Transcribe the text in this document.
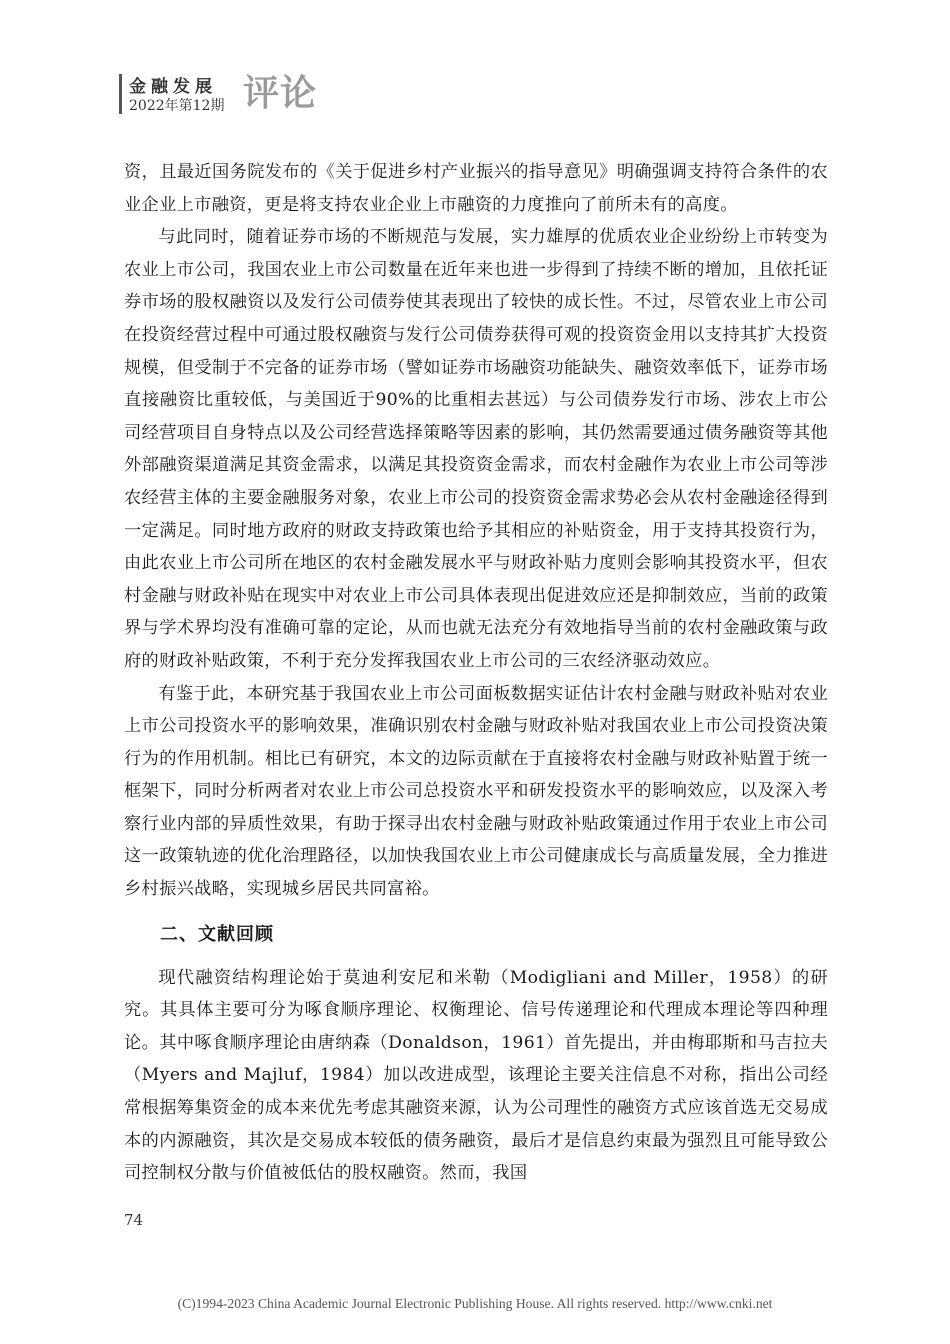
金融发展
2022年第12期 评论

资，且最近国务院发布的《关于促进乡村产业振兴的指导意见》明确强调支持符合条件的农业企业上市融资，更是将支持农业企业上市融资的力度推向了前所未有的高度。

与此同时，随着证券市场的不断规范与发展，实力雄厚的优质农业企业纷纷上市转变为农业上市公司，我国农业上市公司数量在近年来也进一步得到了持续不断的增加，且依托证券市场的股权融资以及发行公司债券使其表现出了较快的成长性。不过，尽管农业上市公司在投资经营过程中可通过股权融资与发行公司债券获得可观的投资资金用以支持其扩大投资规模，但受制于不完备的证券市场（譬如证券市场融资功能缺失、融资效率低下，证券市场直接融资比重较低，与美国近于90%的比重相去甚远）与公司债券发行市场、涉农上市公司经营项目自身特点以及公司经营选择策略等因素的影响，其仍然需要通过债务融资等其他外部融资渠道满足其资金需求，以满足其投资资金需求，而农村金融作为农业上市公司等涉农经营主体的主要金融服务对象，农业上市公司的投资资金需求势必会从农村金融途径得到一定满足。同时地方政府的财政支持政策也给予其相应的补贴资金，用于支持其投资行为，由此农业上市公司所在地区的农村金融发展水平与财政补贴力度则会影响其投资水平，但农村金融与财政补贴在现实中对农业上市公司具体表现出促进效应还是抑制效应，当前的政策界与学术界均没有准确可靠的定论，从而也就无法充分有效地指导当前的农村金融政策与政府的财政补贴政策，不利于充分发挥我国农业上市公司的三农经济驱动效应。

有鉴于此，本研究基于我国农业上市公司面板数据实证估计农村金融与财政补贴对农业上市公司投资水平的影响效果，准确识别农村金融与财政补贴对我国农业上市公司投资决策行为的作用机制。相比已有研究，本文的边际贡献在于直接将农村金融与财政补贴置于统一框架下，同时分析两者对农业上市公司总投资水平和研发投资水平的影响效应，以及深入考察行业内部的异质性效果，有助于探寻出农村金融与财政补贴政策通过作用于农业上市公司这一政策轨迹的优化治理路径，以加快我国农业上市公司健康成长与高质量发展，全力推进乡村振兴战略，实现城乡居民共同富裕。

二、文献回顾

现代融资结构理论始于莫迪利安尼和米勒（Modigliani and Miller，1958）的研究。其具体主要可分为啄食顺序理论、权衡理论、信号传递理论和代理成本理论等四种理论。其中啄食顺序理论由唐纳森（Donaldson，1961）首先提出，并由梅耶斯和马吉拉夫（Myers and Majluf，1984）加以改进成型，该理论主要关注信息不对称，指出公司经常根据筹集资金的成本来优先考虑其融资来源，认为公司理性的融资方式应该首选无交易成本的内源融资，其次是交易成本较低的债务融资，最后才是信息约束最为强烈且可能导致公司控制权分散与价值被低估的股权融资。然而，我国

74
(C)1994-2023 China Academic Journal Electronic Publishing House. All rights reserved. http://www.cnki.net
